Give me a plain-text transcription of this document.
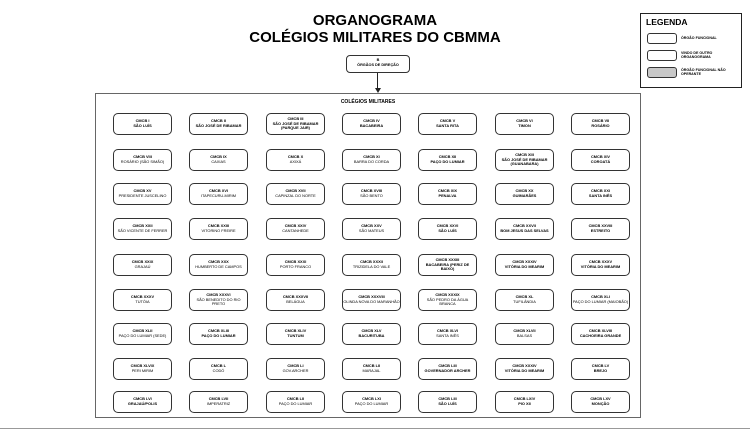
ORGANOGRAMA
COLÉGIOS MILITARES DO CBMMA
LEGENDA
ÓRGÃO FUNCIONAL
VINDO DE OUTRO ORGANOGRAMA
ÓRGÃO FUNCIONAL NÃO OPERANTE
B
ÓRGÃOS DE DIREÇÃO
COLÉGIOS MILITARES
CMCB I
SÃO LUÍS
CMCB II
SÃO JOSÉ DE RIBAMAR
CMCB III
SÃO JOSÉ DE RIBAMAR (PARQUE JAIR)
CMCB IV
BACABEIRA
CMCB V
SANTA RITA
CMCB VI
TIMON
CMCB VII
ROSÁRIO
CMCB VIII
ROSÁRIO (SÃO SIMÃO)
CMCB IX
CAXIAS
CMCB X
AXIXÁ
CMCB XI
BARRA DO CORDA
CMCB XII
PAÇO DO LUMIAR
CMCB XIII
SÃO JOSÉ DE RIBAMAR (GUANABARA)
CMCB XIV
COROATÁ
CMCB XV
PRESIDENTE JUSCELINO
CMCB XVI
ITAPECURU-MIRIM
CMCB XVII
CAPINZAL DO NORTE
CMCB XVIII
SÃO BENTO
CMCB XIX
PENALVA
CMCB XX
GUIMARÃES
CMCB XXI
SANTA INÊS
CMCB XXII
SÃO VICENTE DE FERRER
CMCB XXIII
VITORINO FREIRE
CMCB XXIV
CANTANHEDE
CMCB XXV
SÃO MATEUS
CMCB XXVI
SÃO LUÍS
CMCB XXVII
BOM JESUS DAS SELVAS
CMCB XXVIII
ESTREITO
CMCB XXIX
GRAJAÚ
CMCB XXX
HUMBERTO DE CAMPOS
CMCB XXXI
PORTO FRANCO
CMCB XXXII
TRIZIDELA DO VALE
CMCB XXXIII
BACABEIRA (PERIZ DE BAIXO)
CMCB XXXIV
VITÓRIA DO MEARIM
CMCB XXXV
VITÓRIA DO MEARIM
CMCB XXXV
TUTÓIA
CMCB XXXVI
SÃO BENEDITO DO RIO PRETO
CMCB XXXVII
BELÁGUA
CMCB XXXVIII
OLINDA NOVA DO MARANHÃO
CMCB XXXIX
SÃO PEDRO DA ÁGUA BRANCA
CMCB XL
TUFILÂNDIA
CMCB XLI
PAÇO DO LUMIAR (MAIOBÃO)
CMCB XLII
PAÇO DO LUMIAR (SEDE)
CMCB XLIII
PAÇO DO LUMIAR
CMCB XLIV
TUNTUM
CMCB XLV
BACURITUBA
CMCB XLVI
SANTA INÊS
CMCB XLVII
BALSAS
CMCB XLVIII
CACHOEIRA GRANDE
CMCB XLVIX
PERI MIRIM
CMCB L
CODÓ
CMCB LI
GOV.ARCHER
CMCB LII
MARAJAL
CMCB LIII
GOVERNADOR ARCHER
CMCB XXXIV
VITÓRIA DO MEARIM
CMCB LV
BREJO
CMCB LVI
GRAJAÚ/POLIS
CMCB LVII
IMPERATRIZ
CMCB LII
PAÇO DO LUMIAR
CMCB LXI
PAÇO DO LUMIAR
CMCB LIII
SÃO LUÍS
CMCB LXIV
PIO XII
CMCB LXV
MONÇÃO
